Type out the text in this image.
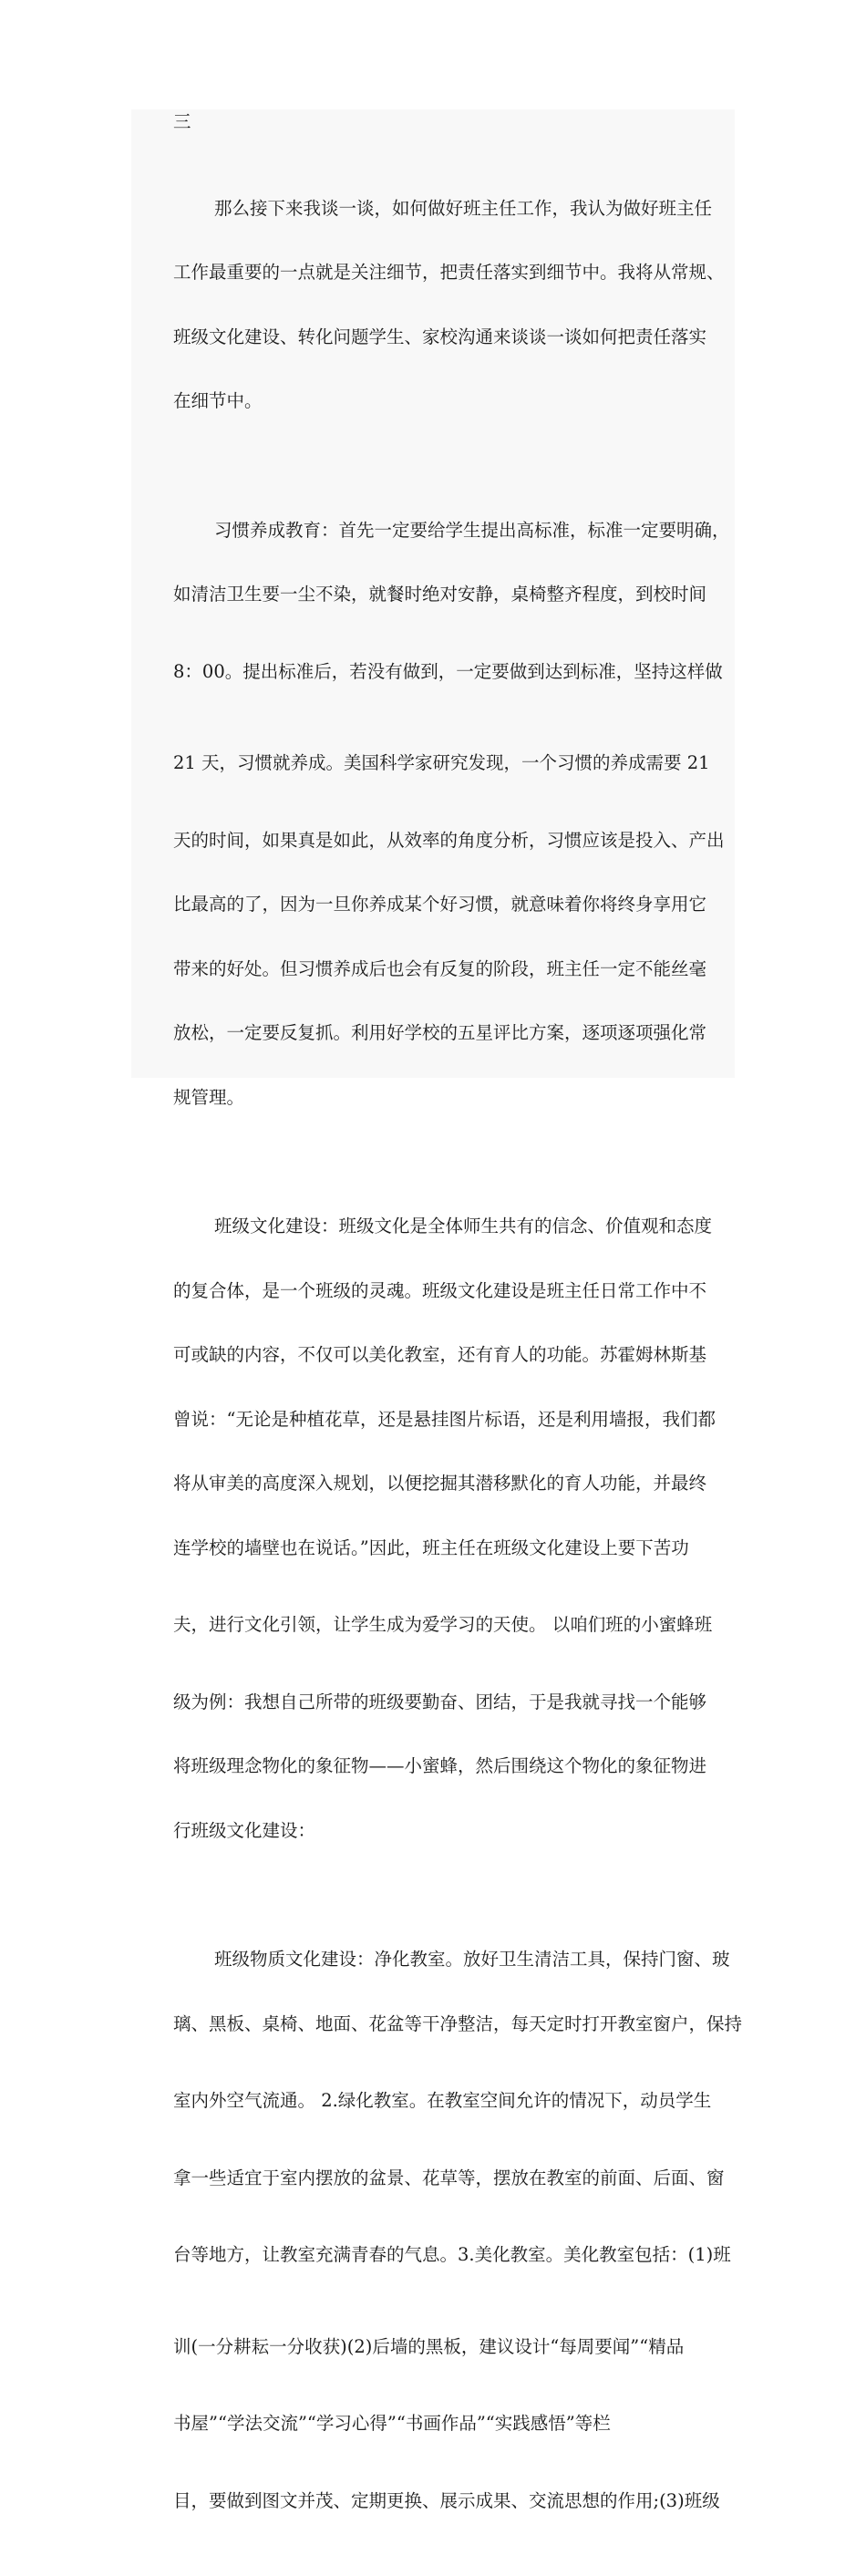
三

那么接下来我谈一谈，如何做好班主任工作，我认为做好班主任

工作最重要的一点就是关注细节，把责任落实到细节中。我将从常规、

班级文化建设、转化问题学生、家校沟通来谈谈一谈如何把责任落实

在细节中。

习惯养成教育：首先一定要给学生提出高标准，标准一定要明确，

如清洁卫生要一尘不染，就餐时绝对安静，桌椅整齐程度，到校时间

8：00。提出标准后，若没有做到，一定要做到达到标准，坚持这样做

21 天，习惯就养成。美国科学家研究发现，一个习惯的养成需要 21

天的时间，如果真是如此，从效率的角度分析，习惯应该是投入、产出

比最高的了，因为一旦你养成某个好习惯，就意味着你将终身享用它

带来的好处。但习惯养成后也会有反复的阶段，班主任一定不能丝毫

放松，一定要反复抓。利用好学校的五星评比方案，逐项逐项强化常

规管理。

班级文化建设：班级文化是全体师生共有的信念、价值观和态度

的复合体，是一个班级的灵魂。班级文化建设是班主任日常工作中不

可或缺的内容，不仅可以美化教室，还有育人的功能。苏霍姆林斯基

曾说：“无论是种植花草，还是悬挂图片标语，还是利用墙报，我们都

将从审美的高度深入规划，以便挖掘其潜移默化的育人功能，并最终

连学校的墙壁也在说话。”因此，班主任在班级文化建设上要下苦功

夫，进行文化引领，让学生成为爱学习的天使。 以咱们班的小蜜蜂班

级为例：我想自己所带的班级要勤奋、团结，于是我就寻找一个能够

将班级理念物化的象征物——小蜜蜂，然后围绕这个物化的象征物进

行班级文化建设：

班级物质文化建设：净化教室。放好卫生清洁工具，保持门窗、玻

璃、黑板、桌椅、地面、花盆等干净整洁，每天定时打开教室窗户，保持

室内外空气流通。 2.绿化教室。在教室空间允许的情况下，动员学生

拿一些适宜于室内摆放的盆景、花草等，摆放在教室的前面、后面、窗

台等地方，让教室充满青春的气息。3.美化教室。美化教室包括：(1)班

训(一分耕耘一分收获)(2)后墙的黑板，建议设计“每周要闻”“精品

书屋”“学法交流”“学习心得”“书画作品”“实践感悟”等栏

目，要做到图文并茂、定期更换、展示成果、交流思想的作用;(3)班级
